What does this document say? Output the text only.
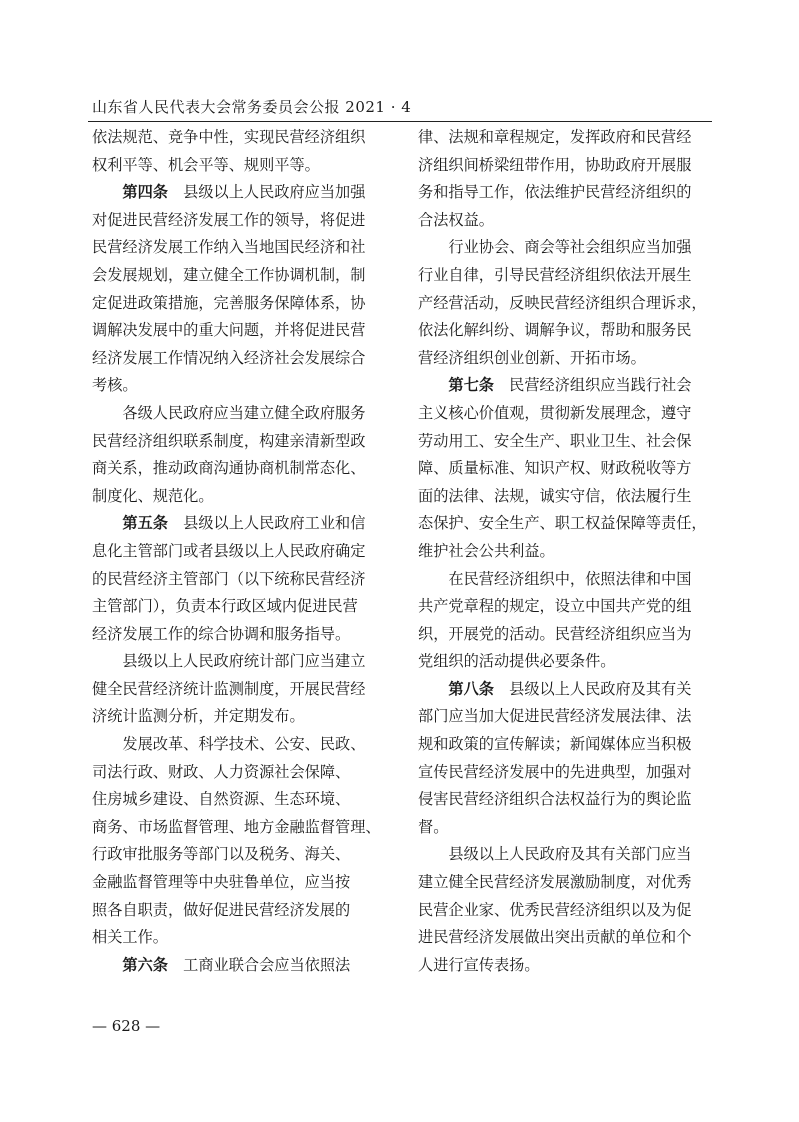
山东省人民代表大会常务委员会公报 2021 · 4
依法规范、竞争中性，实现民营经济组织
权利平等、机会平等、规则平等。
第四条　 县级以上人民政府应当加强
对促进民营经济发展工作的领导，将促进
民营经济发展工作纳入当地国民经济和社
会发展规划，建立健全工作协调机制，制
定促进政策措施，完善服务保障体系，协
调解决发展中的重大问题，并将促进民营
经济发展工作情况纳入经济社会发展综合
考核。
各级人民政府应当建立健全政府服务
民营经济组织联系制度，构建亲清新型政
商关系，推动政商沟通协商机制常态化、
制度化、规范化。
第五条　 县级以上人民政府工业和信
息化主管部门或者县级以上人民政府确定
的民营经济主管部门（以下统称民营经济
主管部门），负责本行政区域内促进民营
经济发展工作的综合协调和服务指导。
县级以上人民政府统计部门应当建立
健全民营经济统计监测制度，开展民营经
济统计监测分析，并定期发布。
发展改革、科学技术、公安、民政、
司法行政、财政、人力资源社会保障、
住房城乡建设、自然资源、生态环境、
商务、市场监督管理、地方金融监督管理、
行政审批服务等部门以及税务、海关、
金融监督管理等中央驻鲁单位，应当按
照各自职责，做好促进民营经济发展的
相关工作。
第六条　 工商业联合会应当依照法
律、法规和章程规定，发挥政府和民营经
济组织间桥梁纽带作用，协助政府开展服
务和指导工作，依法维护民营经济组织的
合法权益。
行业协会、商会等社会组织应当加强
行业自律，引导民营经济组织依法开展生
产经营活动，反映民营经济组织合理诉求，
依法化解纠纷、调解争议，帮助和服务民
营经济组织创业创新、开拓市场。
第七条　 民营经济组织应当践行社会
主义核心价值观，贯彻新发展理念，遵守
劳动用工、安全生产、职业卫生、社会保
障、质量标准、知识产权、财政税收等方
面的法律、法规，诚实守信，依法履行生
态保护、安全生产、职工权益保障等责任，
维护社会公共利益。
在民营经济组织中，依照法律和中国
共产党章程的规定，设立中国共产党的组
织，开展党的活动。民营经济组织应当为
党组织的活动提供必要条件。
第八条　 县级以上人民政府及其有关
部门应当加大促进民营经济发展法律、法
规和政策的宣传解读；新闻媒体应当积极
宣传民营经济发展中的先进典型，加强对
侵害民营经济组织合法权益行为的舆论监
督。
县级以上人民政府及其有关部门应当
建立健全民营经济发展激励制度，对优秀
民营企业家、优秀民营经济组织以及为促
进民营经济发展做出突出贡献的单位和个
人进行宣传表扬。
— 628 —
